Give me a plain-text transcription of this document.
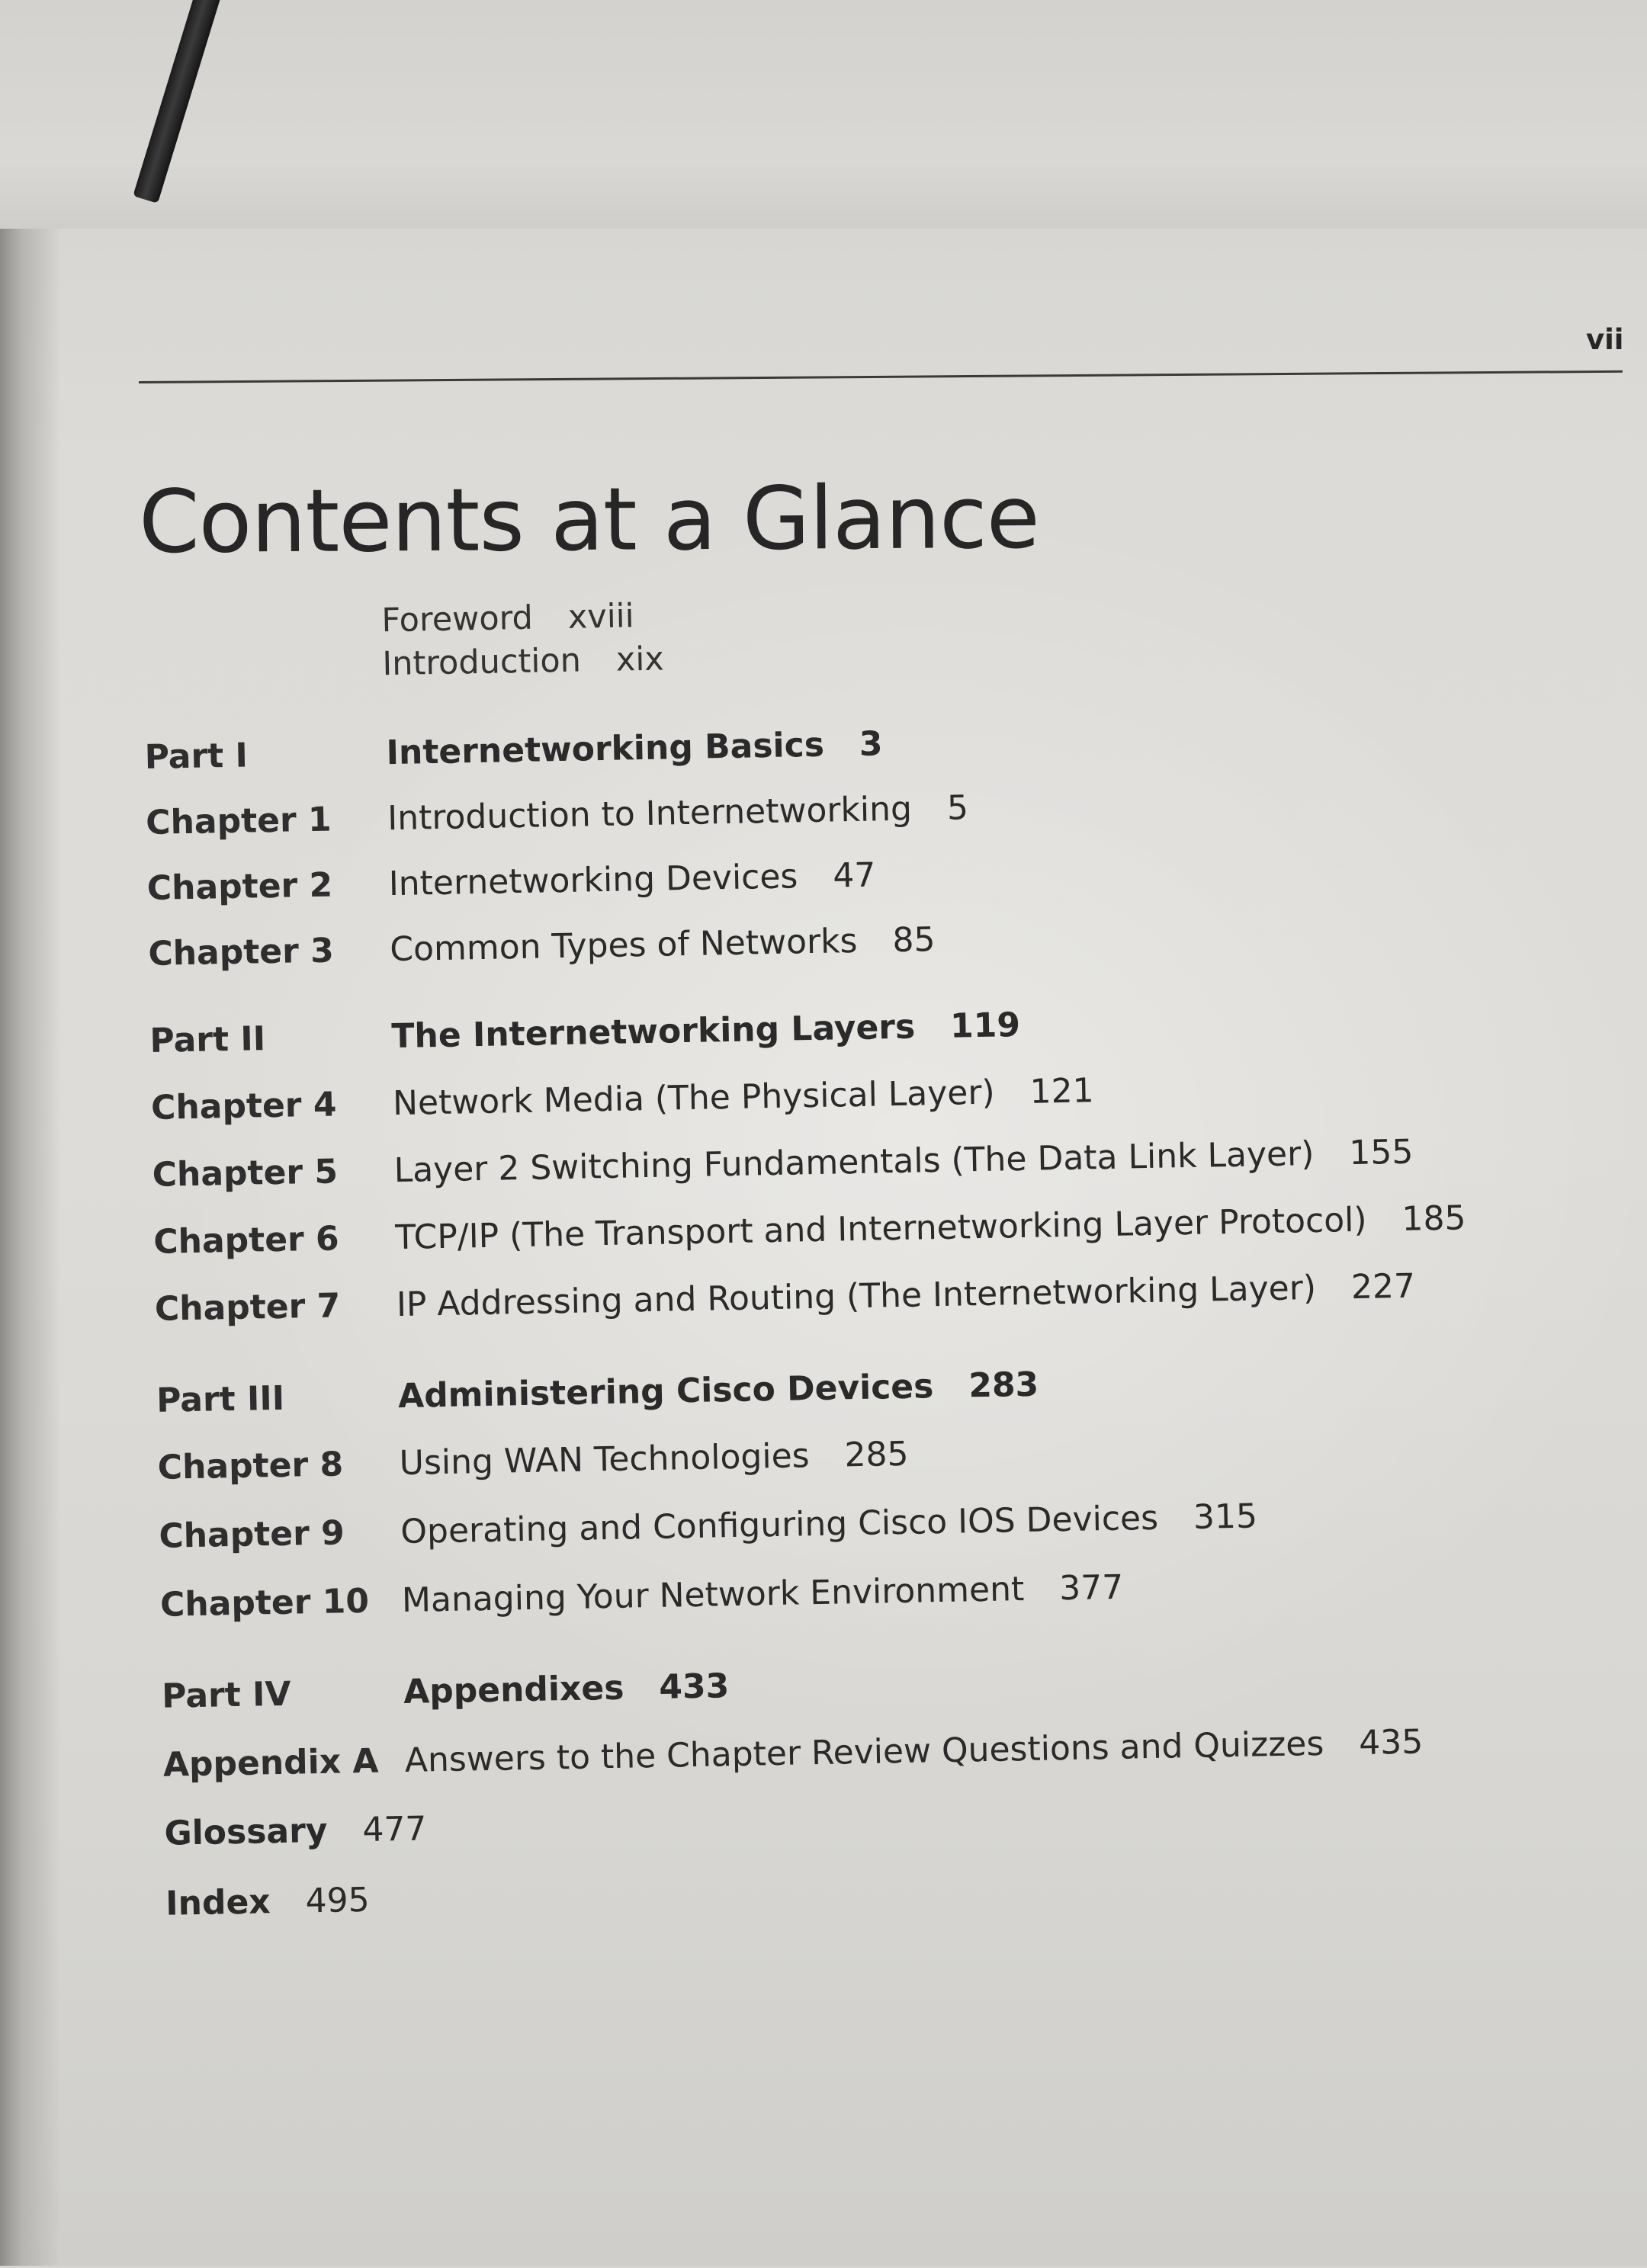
vii
Contents at a Glance
Foreword xviii
Introduction xix
Part I	Internetworking Basics 3
Chapter 1 Introduction to Internetworking 5
Chapter 2 Internetworking Devices 47
Chapter 3 Common Types of Networks 85
Part II	The Internetworking Layers 119
Chapter 4 Network Media (The Physical Layer) 121
Chapter 5 Layer 2 Switching Fundamentals (The Data Link Layer) 155
Chapter 6 TCP/IP (The Transport and Internetworking Layer Protocol) 185
Chapter 7 IP Addressing and Routing (The Internetworking Layer) 227
Part III	Administering Cisco Devices 283
Chapter 8 Using WAN Technologies 285
Chapter 9 Operating and Configuring Cisco IOS Devices 315
Chapter 10 Managing Your Network Environment 377
Part IV	Appendixes 433
Appendix A Answers to the Chapter Review Questions and Quizzes 435
Glossary 477
Index 495
